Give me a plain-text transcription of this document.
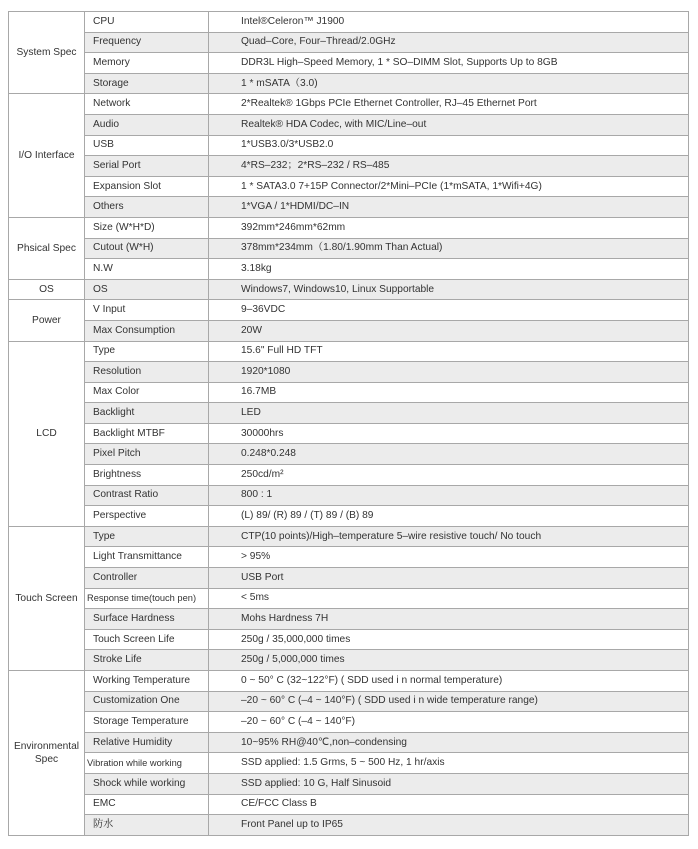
System Spec	CPU	Intel®Celeron™ J1900
	Frequency	Quad–Core, Four–Thread/2.0GHz
	Memory	DDR3L High–Speed Memory, 1 * SO–DIMM Slot, Supports Up to 8GB
	Storage	1 * mSATA（3.0)
I/O Interface	Network	2*Realtek® 1Gbps PCIe Ethernet Controller, RJ–45 Ethernet Port
	Audio	Realtek® HDA Codec, with MIC/Line–out
	USB	1*USB3.0/3*USB2.0
	Serial Port	4*RS–232；2*RS–232 / RS–485
	Expansion Slot	1 * SATA3.0 7+15P Connector/2*Mini–PCIe (1*mSATA, 1*Wifi+4G)
	Others	1*VGA / 1*HDMI/DC–IN
Phsical Spec	Size (W*H*D)	392mm*246mm*62mm
	Cutout (W*H)	378mm*234mm（1.80/1.90mm Than Actual)
	N.W	3.18kg
OS	OS	Windows7, Windows10, Linux Supportable
Power	V Input	9–36VDC
	Max Consumption	20W
LCD	Type	15.6" Full HD TFT
	Resolution	1920*1080
	Max Color	16.7MB
	Backlight	LED
	Backlight MTBF	30000hrs
	Pixel Pitch	0.248*0.248
	Brightness	250cd/m²
	Contrast Ratio	800 : 1
	Perspective	(L) 89/ (R) 89 / (T) 89 / (B) 89
Touch Screen	Type	CTP(10 points)/High–temperature 5–wire resistive touch/ No touch
	Light Transmittance	> 95%
	Controller	USB Port
	Response time(touch pen)	< 5ms
	Surface Hardness	Mohs Hardness 7H
	Touch Screen Life	250g / 35,000,000 times
	Stroke Life	250g / 5,000,000 times
Environmental Spec	Working Temperature	0 ~ 50° C (32~122°F) ( SDD used i n normal temperature)
	Customization One	–20 ~ 60° C (–4 ~ 140°F) ( SDD used i n wide temperature range)
	Storage Temperature	–20 ~ 60° C (–4 ~ 140°F)
	Relative Humidity	10~95% RH@40℃,non–condensing
	Vibration while working	SSD applied: 1.5 Grms, 5 ~ 500 Hz, 1 hr/axis
	Shock while working	SSD applied: 10 G, Half Sinusoid
	EMC	CE/FCC Class B
	防水	Front Panel up to IP65
